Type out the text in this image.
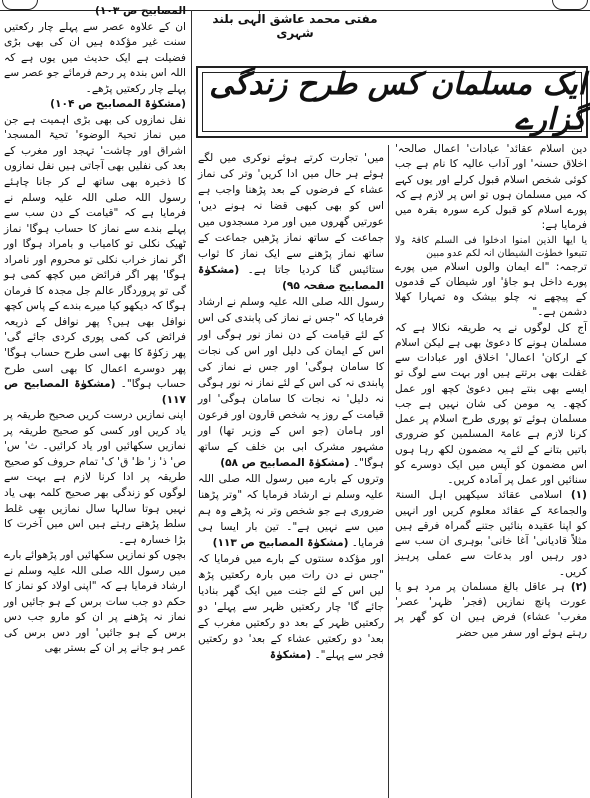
مفتی محمد عاشق الٰہی بلند شہری
ایک مسلمان کس طرح زندگی گزارے

دین اسلام عقائد' عبادات' اعمال صالحہ' اخلاق حسنہ' اور آداب عالیہ کا نام ہے جب کوئی شخص اسلام قبول کرلے اور یوں کہے کہ میں مسلمان ہوں تو اس پر لازم ہے کہ پورے اسلام کو قبول کرے سورہ بقرہ میں فرمایا ہے:

یا ایھا الذین امنوا ادخلوا فی السلم کافۃ ولا تتبعوا خطوٰت الشیطان انہ لکم عدو مبین

ترجمہ: "اے ایمان والوں اسلام میں پورے پورے داخل ہو جاؤ' اور شیطان کے قدموں کے پیچھے نہ چلو بیشک وہ تمہارا کھلا دشمن ہے۔"

آج کل لوگوں نے یہ طریقہ نکالا ہے کہ مسلمان ہونے کا دعویٰ بھی ہے لیکن اسلام کے ارکان' اعمال' اخلاق اور عبادات سے غفلت بھی برتتے ہیں اور بہت سے لوگ تو ایسے بھی بنتے ہیں دعویٰ کچھ اور عمل کچھ۔ یہ مومن کی شان نہیں ہے جب مسلمان ہوئے تو پوری طرح اسلام پر عمل کرنا لازم ہے عامۃ المسلمین کو ضروری باتیں بتانے کے لئے یہ مضمون لکھ رہا ہوں اس مضمون کو آپس میں ایک دوسرے کو سنائیں اور عمل پر آمادہ کریں۔

(۱) اسلامی عقائد سیکھیں اہل السنۃ والجماعۃ کے عقائد معلوم کریں اور انہیں کو اپنا عقیدہ بنائیں جتنے گمراہ فرقے ہیں مثلاً قادیانی' آغا خانی' بوہری ان سب سے دور رہیں اور بدعات سے عملی پرہیز کریں۔

(۲) ہر عاقل بالغ مسلمان پر مرد ہو یا عورت پانچ نمازیں (فجر' ظہر' عصر' مغرب' عشاء) فرض ہیں ان کو گھر پر رہتے ہوئے اور سفر میں حضر

میں' تجارت کرتے ہوئے نوکری میں لگے ہوئے ہر حال میں ادا کریں' وتر کی نماز عشاء کے فرضوں کے بعد پڑھنا واجب ہے اس کو بھی کبھی قضا نہ ہونے دیں' عورتیں گھروں میں اور مرد مسجدوں میں جماعت کے ساتھ نماز پڑھیں جماعت کے ساتھ نماز پڑھنے سے ایک نماز کا ثواب ستائیس گنا کردیا جاتا ہے۔ (مشکوٰۃ المصابیح صفحہ ۹۵)

رسول اللہ صلی اللہ علیہ وسلم نے ارشاد فرمایا کہ "جس نے نماز کی پابندی کی اس کے لئے قیامت کے دن نماز نور ہوگی اور اس کے ایمان کی دلیل اور اس کی نجات کا سامان ہوگی' اور جس نے نماز کی پابندی نہ کی اس کے لئے نماز نہ نور ہوگی نہ دلیل' نہ نجات کا سامان ہوگی' اور قیامت کے روز یہ شخص قارون اور فرعون اور ہامان (جو اس کے وزیر تھا) اور مشہور مشرک ابی بن خلف کے ساتھ ہوگا"۔ (مشکوٰۃ المصابیح ص ۵۸)

وتروں کے بارے میں رسول اللہ صلی اللہ علیہ وسلم نے ارشاد فرمایا کہ "وتر پڑھنا ضروری ہے جو شخص وتر نہ پڑھے وہ ہم میں سے نہیں ہے"۔ تین بار ایسا ہی فرمایا۔ (مشکوٰۃ المصابیح ص ۱۱۳)

اور مؤکدہ سنتوں کے بارے میں فرمایا کہ "جس نے دن رات میں بارہ رکعتیں پڑھ لیں اس کے لئے جنت میں ایک گھر بنادیا جائے گا' چار رکعتیں ظہر سے پہلے' دو رکعتیں ظہر کے بعد دو رکعتیں مغرب کے بعد' دو رکعتیں عشاء کے بعد' دو رکعتیں فجر سے پہلے"۔ (مشکوٰۃ

المصابیح ص ۱۰۳)

ان کے علاوہ عصر سے پہلے چار رکعتیں سنت غیر مؤکدہ ہیں ان کی بھی بڑی فضیلت ہے ایک حدیث میں یوں ہے کہ اللہ اس بندہ پر رحم فرمائے جو عصر سے پہلے چار رکعتیں پڑھے۔

(مشکوٰۃ المصابیح ص ۱۰۴)

نفل نمازوں کی بھی بڑی اہمیت ہے جن میں نماز تحیۃ الوضوء' تحیۃ المسجد' اشراق اور چاشت' تہجد اور مغرب کے بعد کی نفلیں بھی آجاتی ہیں نفل نمازوں کا ذخیرہ بھی ساتھ لے کر جانا چاہئے رسول اللہ صلی اللہ علیہ وسلم نے فرمایا ہے کہ "قیامت کے دن سب سے پہلے بندے سے نماز کا حساب ہوگا' نماز ٹھیک نکلی تو کامیاب و بامراد ہوگا اور اگر نماز خراب نکلی تو محروم اور نامراد ہوگا' پھر اگر فرائض میں کچھ کمی ہو گی تو پروردگار عالم جل مجدہ کا فرمان ہوگا کہ دیکھو کیا میرے بندے کے پاس کچھ نوافل بھی ہیں؟ پھر نوافل کے ذریعہ فرائض کی کمی پوری کردی جائے گی' پھر زکوٰۃ کا بھی اسی طرح حساب ہوگا' پھر دوسرے اعمال کا بھی اسی طرح حساب ہوگا"۔ (مشکوٰۃ المصابیح ص ۱۱۷)

اپنی نمازیں درست کریں صحیح طریقہ پر یاد کریں اور کسی کو صحیح طریقہ پر نمازیں سکھائیں اور یاد کرائیں۔ ث' س' ص' ذ' ز' ظ' ق' ک' تمام حروف کو صحیح طریقہ پر ادا کرنا لازم ہے بہت سے لوگوں کو زندگی بھر صحیح کلمہ بھی یاد نہیں ہوتا سالہا سال نمازیں بھی غلط سلط پڑھتے رہتے ہیں اس میں آخرت کا بڑا خسارہ ہے۔

بچوں کو نمازیں سکھائیں اور پڑھوائے بارے میں رسول اللہ صلی اللہ علیہ وسلم نے ارشاد فرمایا ہے کہ "اپنی اولاد کو نماز کا حکم دو جب سات برس کے ہو جائیں اور نماز نہ پڑھنے پر ان کو مارو جب دس برس کے ہو جائیں' اور دس برس کی عمر ہو جانے پر ان کے بستر بھی
